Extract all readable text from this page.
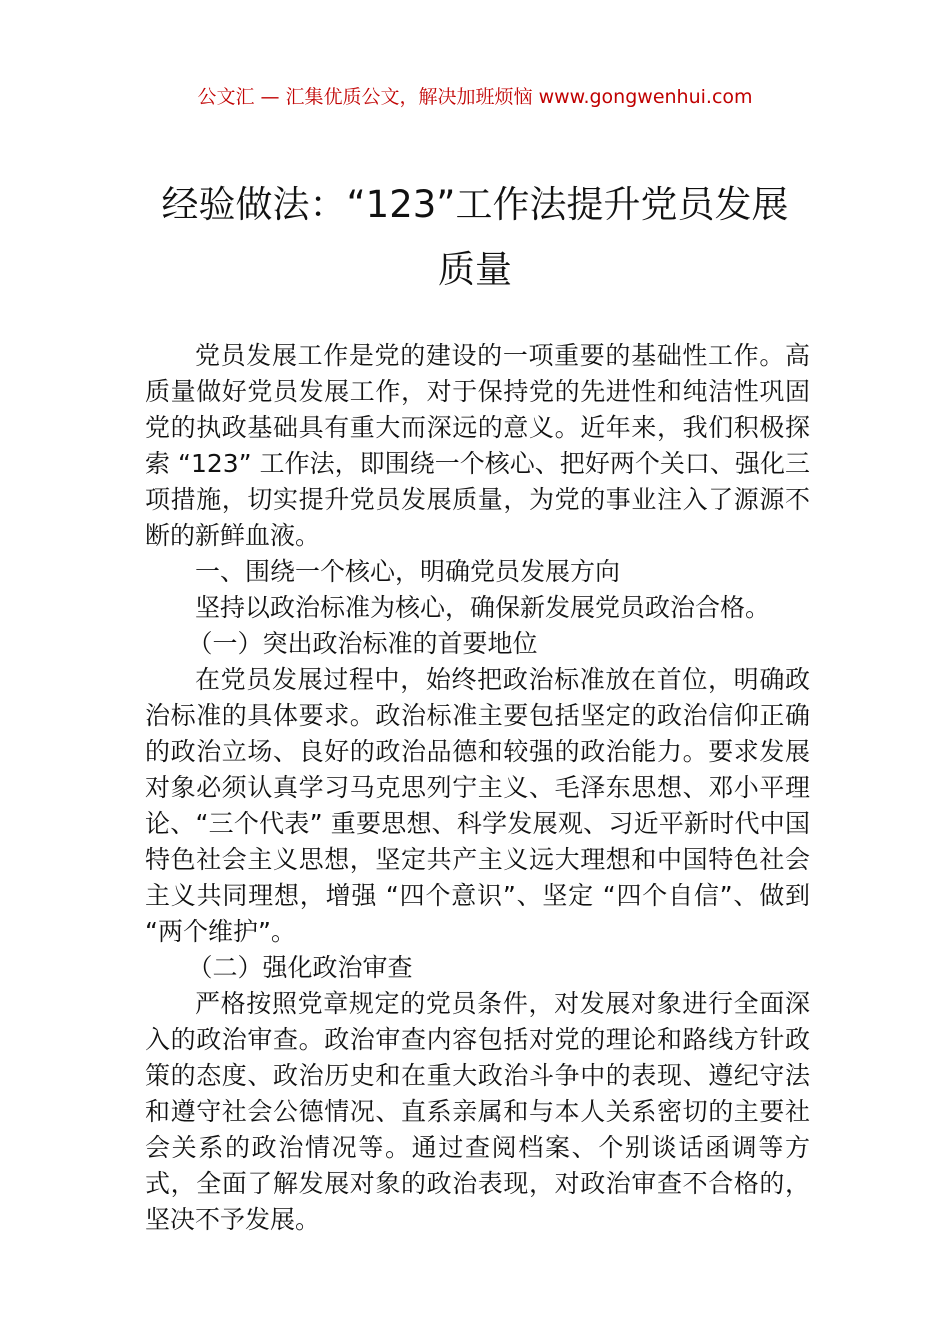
公文汇 — 汇集优质公文，解决加班烦恼 www.gongwenhui.com
经验做法：“123”工作法提升党员发展质量

党员发展工作是党的建设的一项重要的基础性工作。高质量做好党员发展工作，对于保持党的先进性和纯洁性巩固党的执政基础具有重大而深远的意义。近年来，我们积极探索 “123” 工作法，即围绕一个核心、把好两个关口、强化三项措施，切实提升党员发展质量，为党的事业注入了源源不断的新鲜血液。

一、围绕一个核心，明确党员发展方向

坚持以政治标准为核心，确保新发展党员政治合格。

（一）突出政治标准的首要地位

在党员发展过程中，始终把政治标准放在首位，明确政治标准的具体要求。政治标准主要包括坚定的政治信仰正确的政治立场、良好的政治品德和较强的政治能力。要求发展对象必须认真学习马克思列宁主义、毛泽东思想、邓小平理论、“三个代表” 重要思想、科学发展观、习近平新时代中国特色社会主义思想，坚定共产主义远大理想和中国特色社会主义共同理想，增强 “四个意识”、坚定 “四个自信”、做到 “两个维护”。

（二）强化政治审查

严格按照党章规定的党员条件，对发展对象进行全面深入的政治审查。政治审查内容包括对党的理论和路线方针政策的态度、政治历史和在重大政治斗争中的表现、遵纪守法和遵守社会公德情况、直系亲属和与本人关系密切的主要社会关系的政治情况等。通过查阅档案、个别谈话函调等方式，全面了解发展对象的政治表现，对政治审查不合格的，坚决不予发展。
